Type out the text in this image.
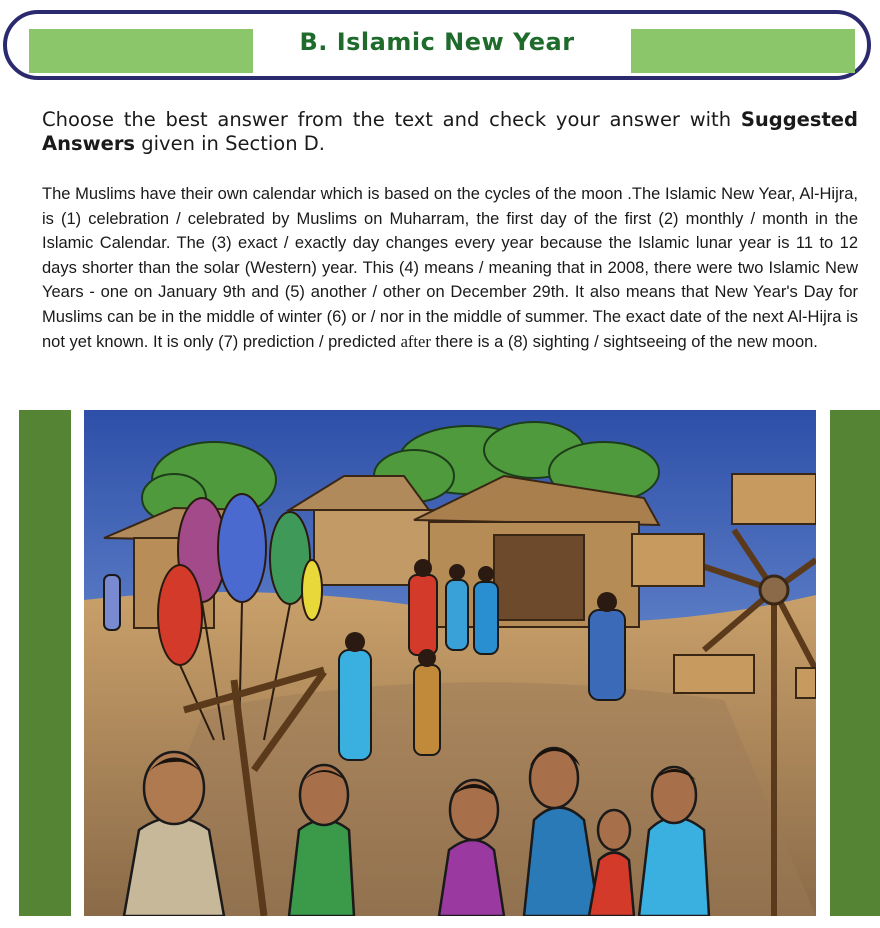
B. Islamic New Year
Choose the best answer from the text and check your answer with Suggested Answers given in Section D.
The Muslims have their own calendar which is based on the cycles of the moon .The Islamic New Year, Al-Hijra, is (1) celebration / celebrated by Muslims on Muharram, the first day of the first (2) monthly / month in the Islamic Calendar. The (3) exact / exactly day changes every year because the Islamic lunar year is 11 to 12 days shorter than the solar (Western) year. This (4) means / meaning that in 2008, there were two Islamic New Years - one on January 9th and (5) another / other on December 29th. It also means that New Year's Day for Muslims can be in the middle of winter (6) or / nor in the middle of summer. The exact date of the next Al-Hijra is not yet known. It is only (7) prediction / predicted after there is a (8) sighting / sightseeing of the new moon.
